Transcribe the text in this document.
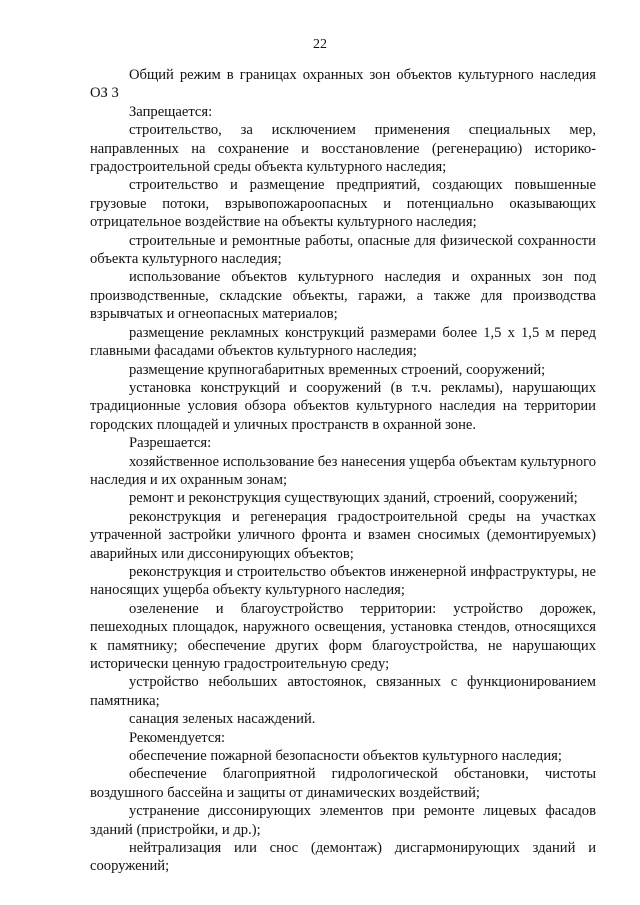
22

Общий режим в границах охранных зон объектов культурного наследия ОЗ 3

Запрещается:

строительство, за исключением применения специальных мер, направленных на сохранение и восстановление (регенерацию) историко-градостроительной среды объекта культурного наследия;

строительство и размещение предприятий, создающих повышенные грузовые потоки, взрывопожароопасных и потенциально оказывающих отрицательное воздействие на объекты культурного наследия;

строительные и ремонтные работы, опасные для физической сохранности объекта культурного наследия;

использование объектов культурного наследия и охранных зон под производственные, складские объекты, гаражи, а также для производства взрывчатых и огнеопасных материалов;

размещение рекламных конструкций размерами более 1,5 х 1,5 м перед главными фасадами объектов культурного наследия;

размещение крупногабаритных временных строений, сооружений;

установка конструкций и сооружений (в т.ч. рекламы), нарушающих традиционные условия обзора объектов культурного наследия на территории городских площадей и уличных пространств в охранной зоне.

Разрешается:

хозяйственное использование без нанесения ущерба объектам культурного наследия и их охранным зонам;

ремонт и реконструкция существующих зданий, строений, сооружений;

реконструкция и регенерация градостроительной среды на участках утраченной застройки уличного фронта и взамен сносимых (демонтируемых) аварийных или диссонирующих объектов;

реконструкция и строительство объектов инженерной инфраструктуры, не наносящих ущерба объекту культурного наследия;

озеленение и благоустройство территории: устройство дорожек, пешеходных площадок, наружного освещения, установка стендов, относящихся к памятнику; обеспечение других форм благоустройства, не нарушающих исторически ценную градостроительную среду;

устройство небольших автостоянок, связанных с функционированием памятника;

санация зеленых насаждений.

Рекомендуется:

обеспечение пожарной безопасности объектов культурного наследия;

обеспечение благоприятной гидрологической обстановки, чистоты воздушного бассейна и защиты от динамических воздействий;

устранение диссонирующих элементов при ремонте лицевых фасадов зданий (пристройки, и др.);

нейтрализация или снос (демонтаж) дисгармонирующих зданий и сооружений;
